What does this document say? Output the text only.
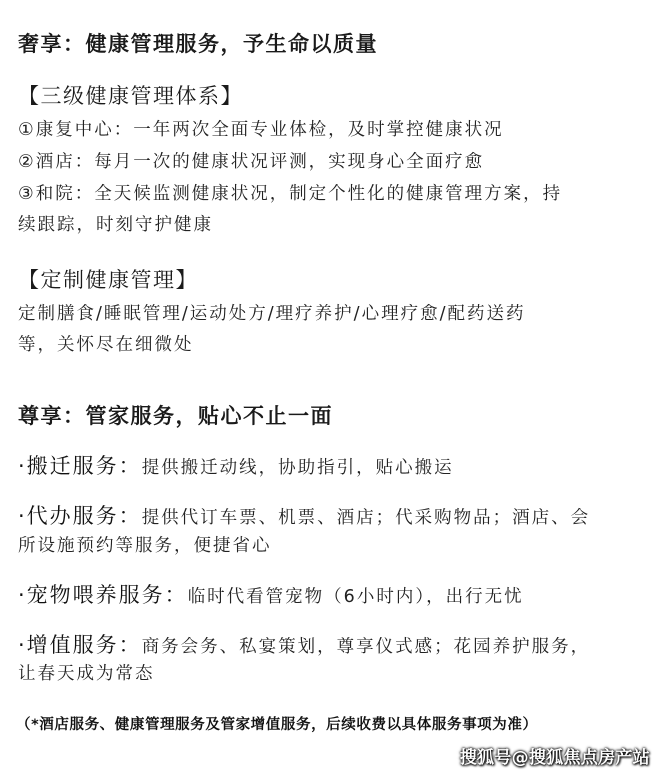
奢享：健康管理服务，予生命以质量
【三级健康管理体系】
①康复中心：一年两次全面专业体检，及时掌控健康状况
②酒店：每月一次的健康状况评测，实现身心全面疗愈
③和院：全天候监测健康状况，制定个性化的健康管理方案，持
续跟踪，时刻守护健康
【定制健康管理】
定制膳食/睡眠管理/运动处方/理疗养护/心理疗愈/配药送药
等，关怀尽在细微处
尊享：管家服务，贴心不止一面
·搬迁服务：提供搬迁动线，协助指引，贴心搬运
·代办服务：提供代订车票、机票、酒店；代采购物品；酒店、会
所设施预约等服务，便捷省心
·宠物喂养服务：临时代看管宠物（6小时内），出行无忧
·增值服务：商务会务、私宴策划，尊享仪式感；花园养护服务，
让春天成为常态
（*酒店服务、健康管理服务及管家增值服务，后续收费以具体服务事项为准）
搜狐号@搜狐焦点房产站
